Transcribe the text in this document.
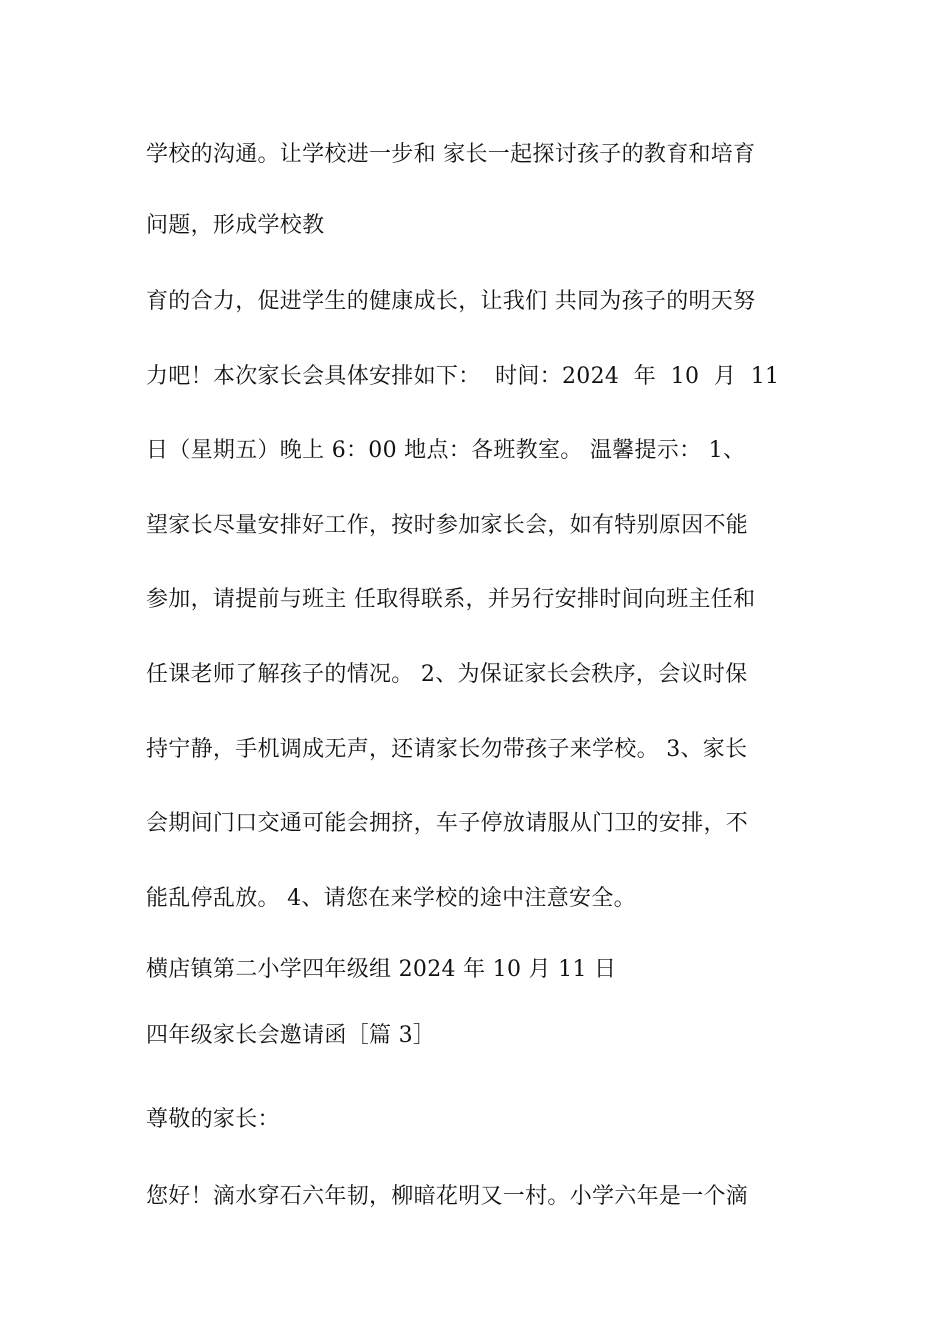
学校的沟通。让学校进一步和 家长一起探讨孩子的教育和培育
问题，形成学校教
育的合力，促进学生的健康成长，让我们 共同为孩子的明天努
力吧！本次家长会具体安排如下：  时间：2024  年  10  月  11
日（星期五）晚上 6：00 地点：各班教室。 温馨提示： 1、
望家长尽量安排好工作，按时参加家长会，如有特别原因不能
参加，请提前与班主 任取得联系，并另行安排时间向班主任和
任课老师了解孩子的情况。 2、为保证家长会秩序，会议时保
持宁静，手机调成无声，还请家长勿带孩子来学校。 3、家长
会期间门口交通可能会拥挤，车子停放请服从门卫的安排，不
能乱停乱放。 4、请您在来学校的途中注意安全。
横店镇第二小学四年级组 2024 年 10 月 11 日
四年级家长会邀请函［篇 3］
尊敬的家长：
您好！滴水穿石六年韧，柳暗花明又一村。小学六年是一个滴
